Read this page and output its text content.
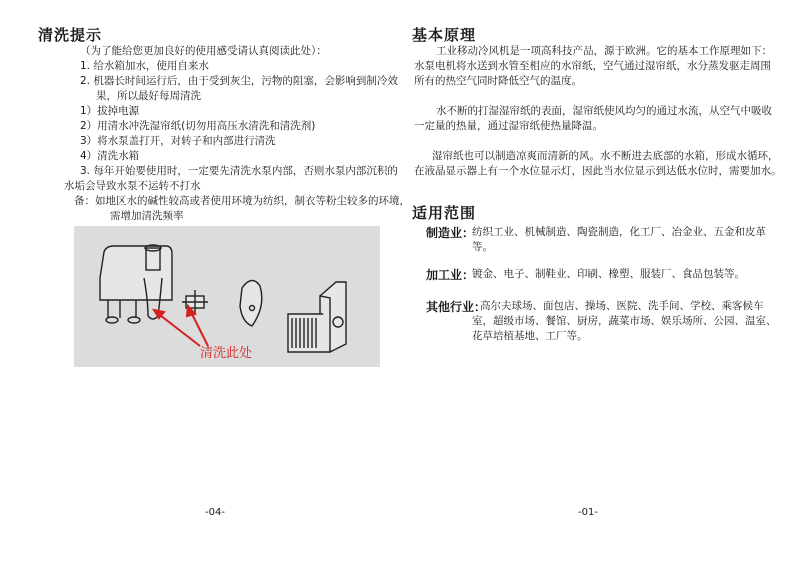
清洗提示
（为了能给您更加良好的使用感受请认真阅读此处）：
1. 给水箱加水，使用自来水
2. 机器长时间运行后，由于受到灰尘，污物的阻塞，会影响到制冷效
果，所以最好每周清洗
1）拔掉电源
2）用清水冲洗湿帘纸(切勿用高压水清洗和清洗剂)
3）将水泵盖打开，对转子和内部进行清洗
4）清洗水箱
3. 每年开始要使用时，一定要先清洗水泵内部，否则水泵内部沉积的
水垢会导致水泵不运转不打水
备：如地区水的碱性较高或者使用环境为纺织，制衣等粉尘较多的环境，
需增加清洗频率
清洗此处
-04-
基本原理
工业移动冷风机是一项高科技产品，源于欧洲。它的基本工作原理如下：
水泵电机将水送到水管至相应的水帘纸，空气通过湿帘纸，水分蒸发驱走周围
所有的热空气同时降低空气的温度。
水不断的打湿湿帘纸的表面，湿帘纸使风均匀的通过水流，从空气中吸收
一定量的热量，通过湿帘纸使热量降温。
湿帘纸也可以制造凉爽而清新的风。水不断进去底部的水箱，形成水循环，
在液晶显示器上有一个水位显示灯，因此当水位显示到达低水位时，需要加水。
适用范围
制造业：
纺织工业、机械制造、陶瓷制造，化工厂、冶金业、五金和皮革
等。
加工业：
镀金、电子、制鞋业、印刷、橡塑、服装厂、食品包装等。
其他行业：
高尔夫球场、面包店、操场、医院、洗手间、学校、乘客候车
室，超级市场、餐馆、厨房，蔬菜市场、娱乐场所、公园、温室、
花草培植基地、工厂等。
-01-
